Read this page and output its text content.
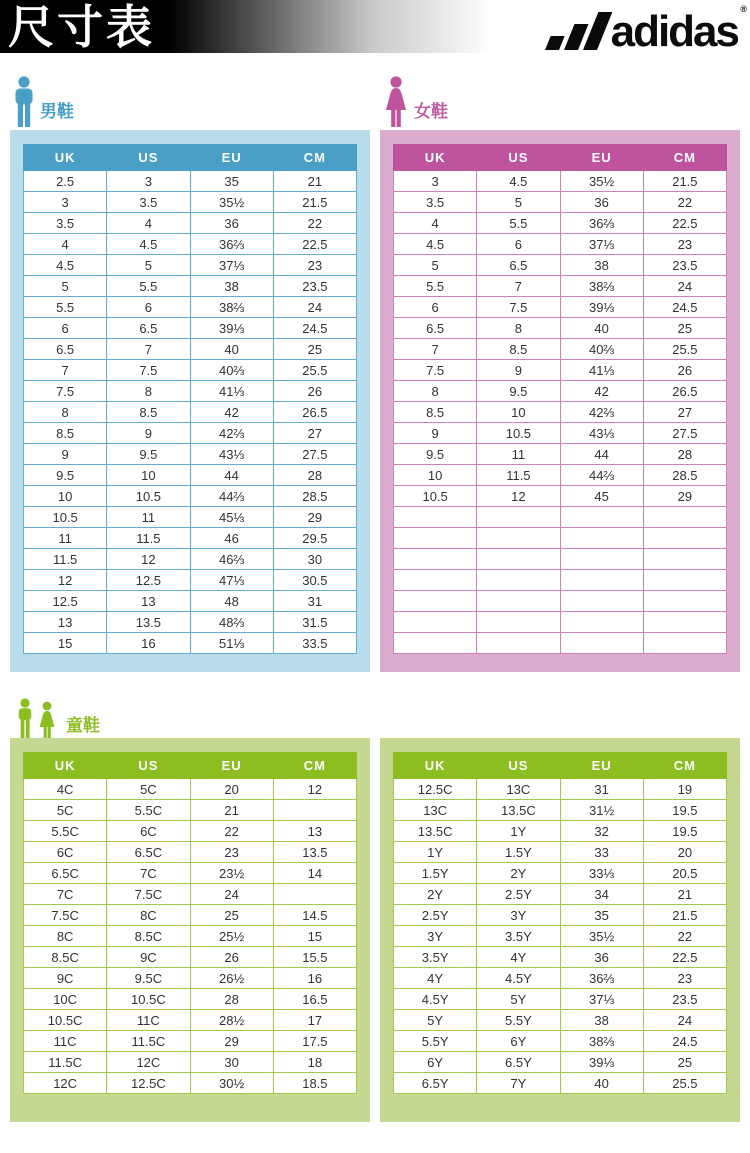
尺寸表	adidas ®
男鞋	女鞋
童鞋
UK	US	EU	CM
2.5	3	35	21
3	3.5	35½	21.5
3.5	4	36	22
4	4.5	36⅔	22.5
4.5	5	37⅓	23
5	5.5	38	23.5
5.5	6	38⅔	24
6	6.5	39⅓	24.5
6.5	7	40	25
7	7.5	40⅔	25.5
7.5	8	41⅓	26
8	8.5	42	26.5
8.5	9	42⅔	27
9	9.5	43⅓	27.5
9.5	10	44	28
10	10.5	44⅔	28.5
10.5	11	45⅓	29
11	11.5	46	29.5
11.5	12	46⅔	30
12	12.5	47⅓	30.5
12.5	13	48	31
13	13.5	48⅔	31.5
15	16	51⅓	33.5
UK	US	EU	CM
3	4.5	35½	21.5
3.5	5	36	22
4	5.5	36⅔	22.5
4.5	6	37⅓	23
5	6.5	38	23.5
5.5	7	38⅔	24
6	7.5	39⅓	24.5
6.5	8	40	25
7	8.5	40⅔	25.5
7.5	9	41⅓	26
8	9.5	42	26.5
8.5	10	42⅔	27
9	10.5	43⅓	27.5
9.5	11	44	28
10	11.5	44⅔	28.5
10.5	12	45	29

UK	US	EU	CM
4C	5C	20	12
5C	5.5C	21	
5.5C	6C	22	13
6C	6.5C	23	13.5
6.5C	7C	23½	14
7C	7.5C	24	
7.5C	8C	25	14.5
8C	8.5C	25½	15
8.5C	9C	26	15.5
9C	9.5C	26½	16
10C	10.5C	28	16.5
10.5C	11C	28½	17
11C	11.5C	29	17.5
11.5C	12C	30	18
12C	12.5C	30½	18.5
UK	US	EU	CM
12.5C	13C	31	19
13C	13.5C	31½	19.5
13.5C	1Y	32	19.5
1Y	1.5Y	33	20
1.5Y	2Y	33⅓	20.5
2Y	2.5Y	34	21
2.5Y	3Y	35	21.5
3Y	3.5Y	35½	22
3.5Y	4Y	36	22.5
4Y	4.5Y	36⅔	23
4.5Y	5Y	37⅓	23.5
5Y	5.5Y	38	24
5.5Y	6Y	38⅔	24.5
6Y	6.5Y	39⅓	25
6.5Y	7Y	40	25.5
